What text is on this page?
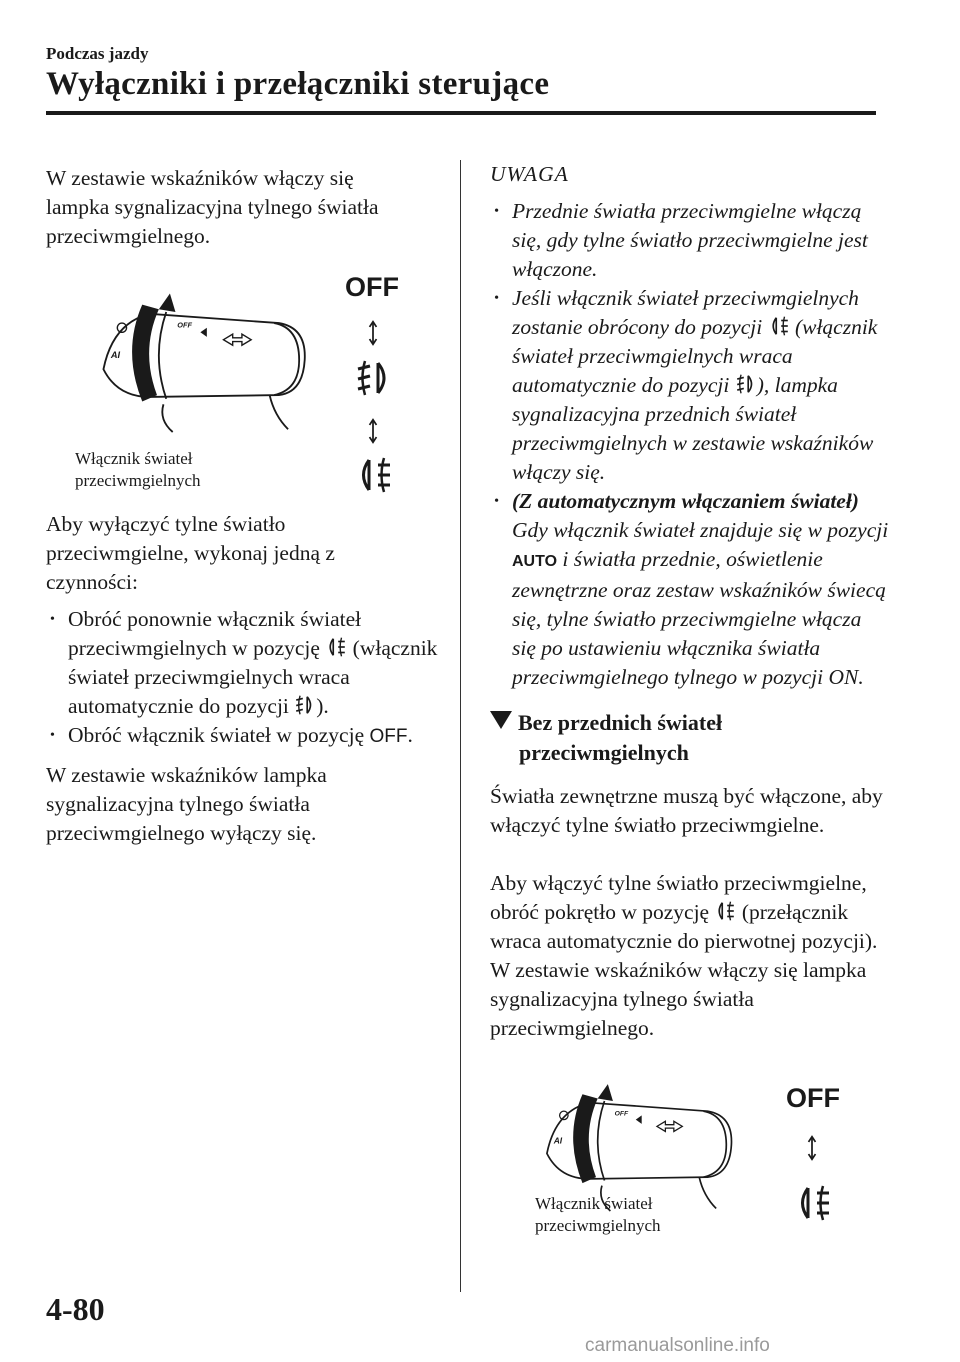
Podczas jazdy
Wyłączniki i przełączniki sterujące

W zestawie wskaźników włączy się lampka sygnalizacyjna tylnego światła przeciwmgielnego.

OFF
Włącznik świateł
przeciwmgielnych

Aby wyłączyć tylne światło przeciwmgielne, wykonaj jedną z czynności:

• Obróć ponownie włącznik świateł przeciwmgielnych w pozycję (włącznik świateł przeciwmgielnych wraca automatycznie do pozycji ).
• Obróć włącznik świateł w pozycję OFF.

W zestawie wskaźników lampka sygnalizacyjna tylnego światła przeciwmgielnego wyłączy się.

UWAGA

• Przednie światła przeciwmgielne włączą się, gdy tylne światło przeciwmgielne jest włączone.
• Jeśli włącznik świateł przeciwmgielnych zostanie obrócony do pozycji (włącznik świateł przeciwmgielnych wraca automatycznie do pozycji ), lampka sygnalizacyjna przednich świateł przeciwmgielnych w zestawie wskaźników włączy się.
• (Z automatycznym włączaniem świateł) Gdy włącznik świateł znajduje się w pozycji AUTO i światła przednie, oświetlenie zewnętrzne oraz zestaw wskaźników świecą się, tylne światło przeciwmgielne włącza się po ustawieniu włącznika światła przeciwmgielnego tylnego w pozycji ON.
Bez przednich świateł
przeciwmgielnych

Światła zewnętrzne muszą być włączone, aby włączyć tylne światło przeciwmgielne.

Aby włączyć tylne światło przeciwmgielne, obróć pokrętło w pozycję (przełącznik wraca automatycznie do pierwotnej pozycji).

W zestawie wskaźników włączy się lampka sygnalizacyjna tylnego światła przeciwmgielnego.

OFF
Włącznik świateł
przeciwmgielnych
4-80
carmanualsonline.info
